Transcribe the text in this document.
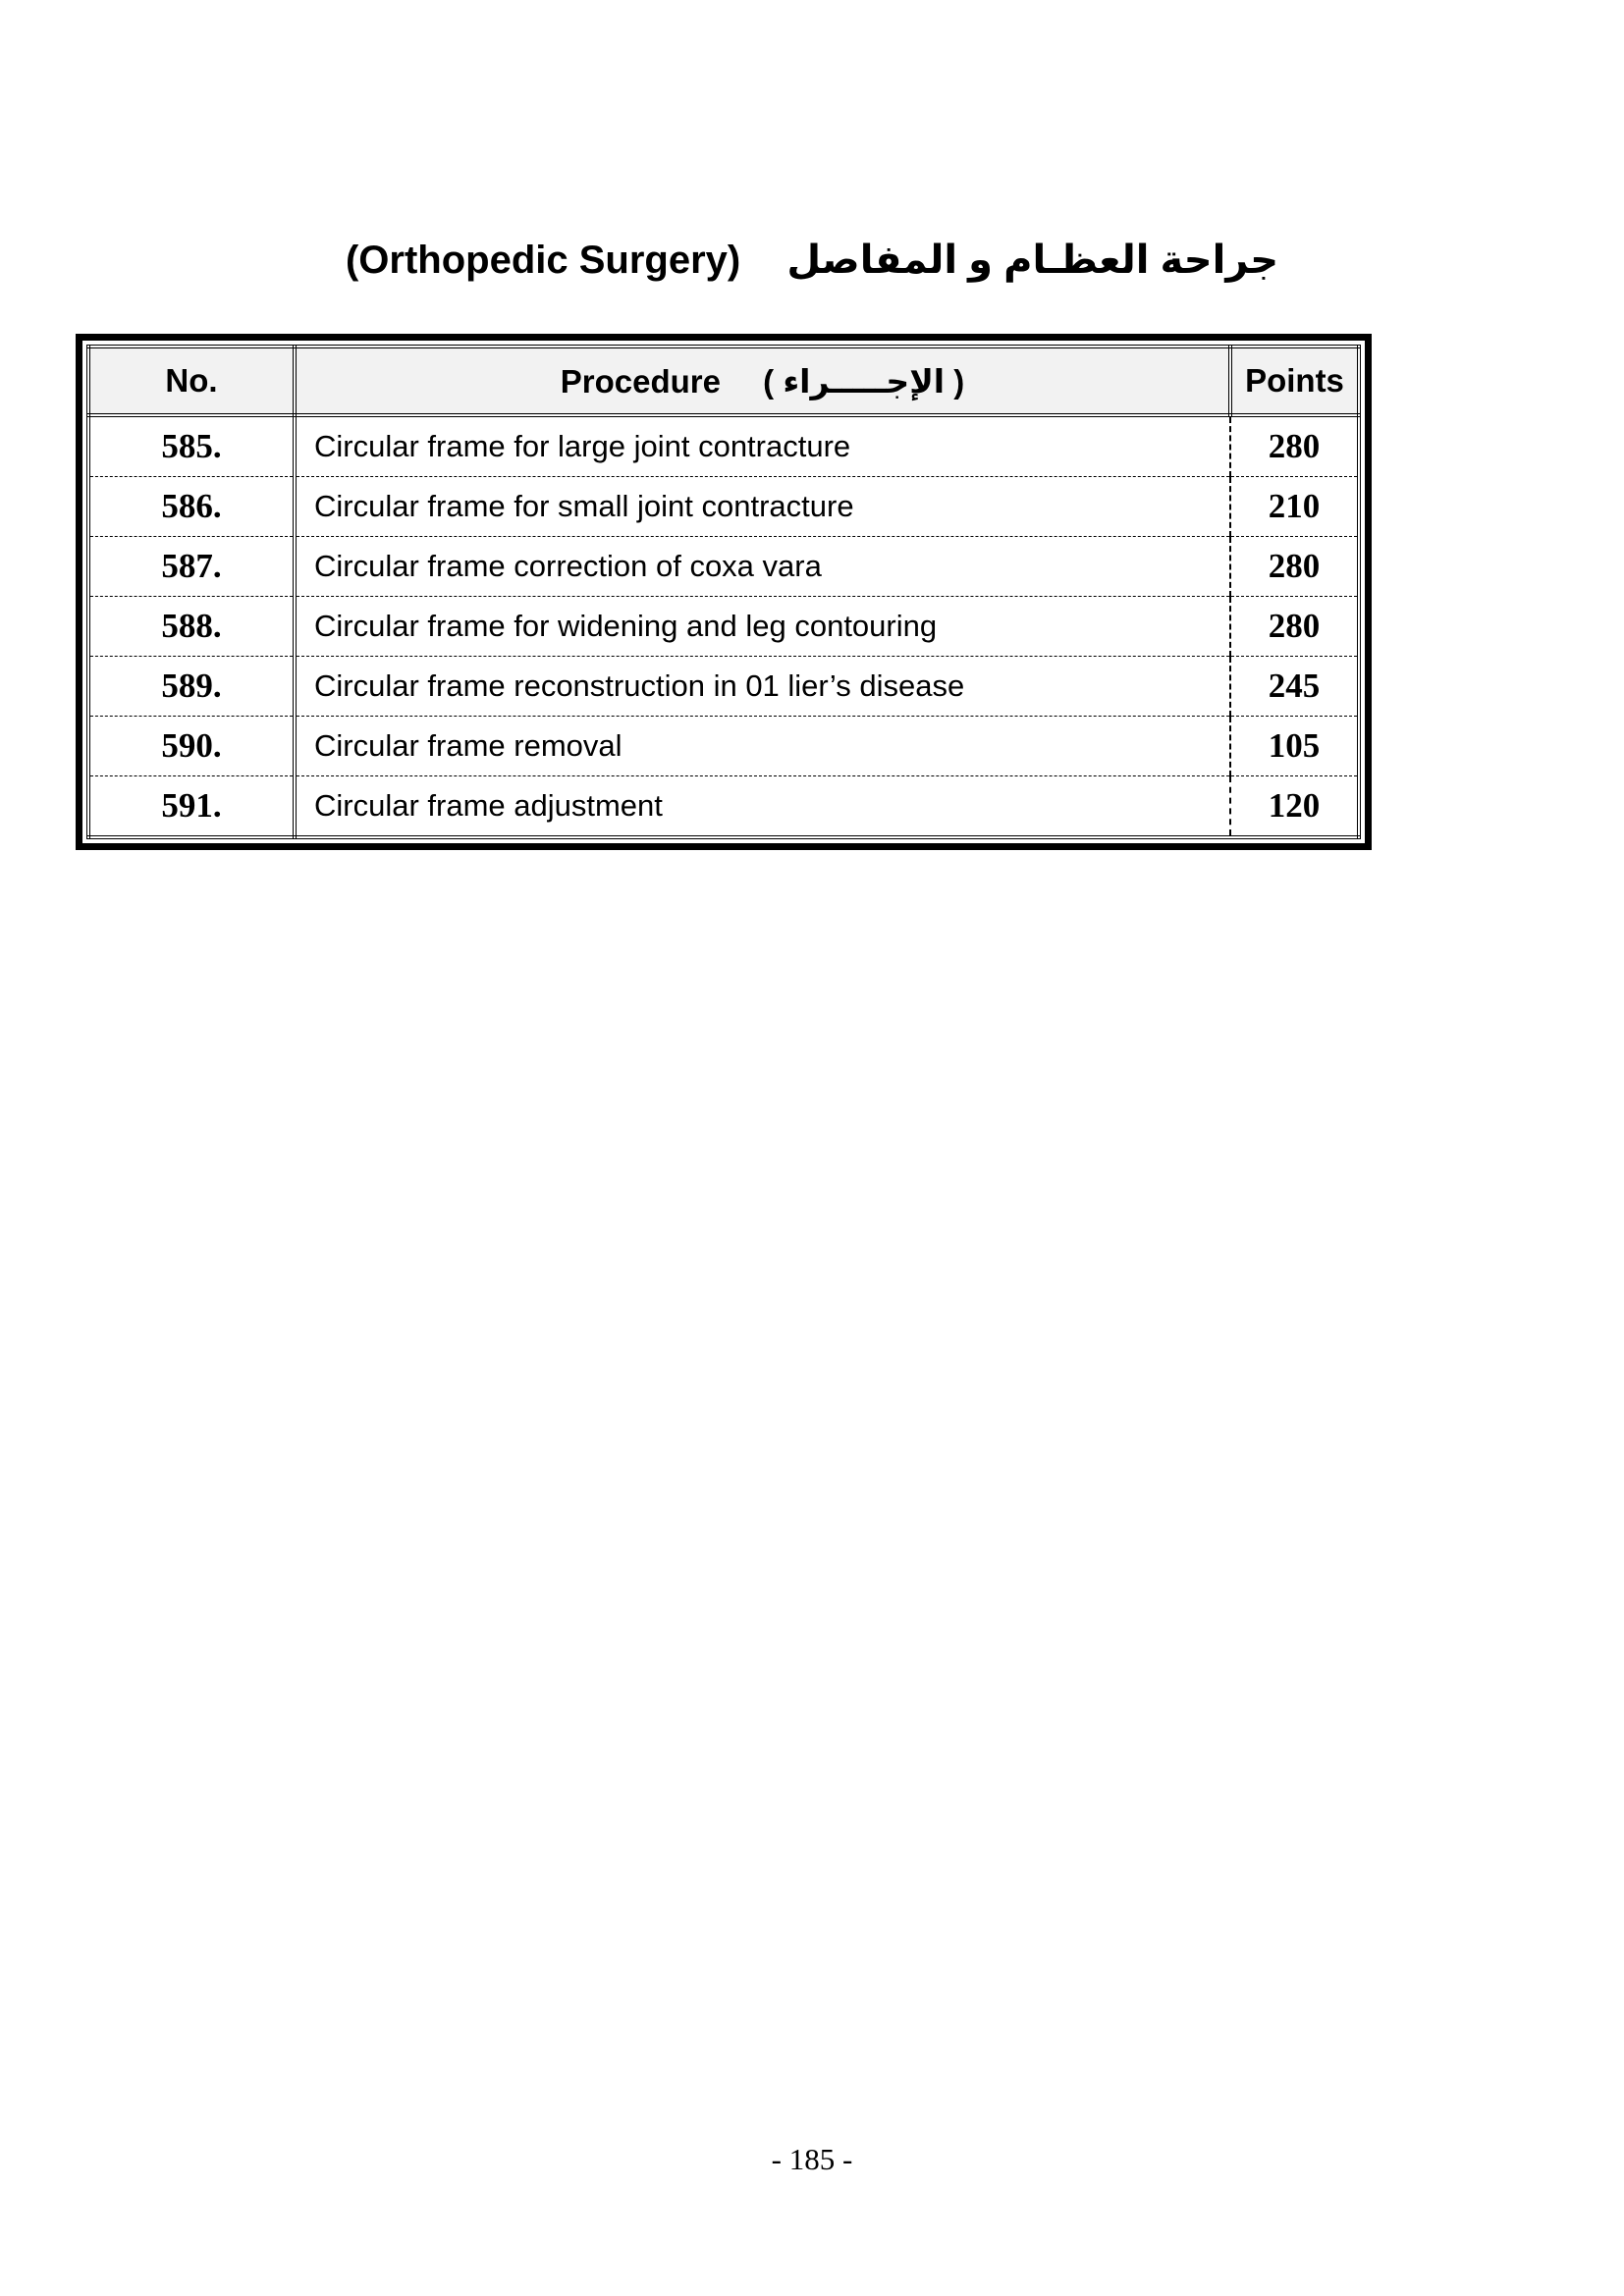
(Orthopedic Surgery) جراحة العظـام و المفاصل
No.	Procedure ( الإجـــــراء )	Points
585.	Circular frame for large joint contracture	280
586.	Circular frame for small joint contracture	210
587.	Circular frame correction of coxa vara	280
588.	Circular frame for widening and leg contouring	280
589.	Circular frame reconstruction in 01 lier’s disease	245
590.	Circular frame removal	105
591.	Circular frame adjustment	120
- 185 -
